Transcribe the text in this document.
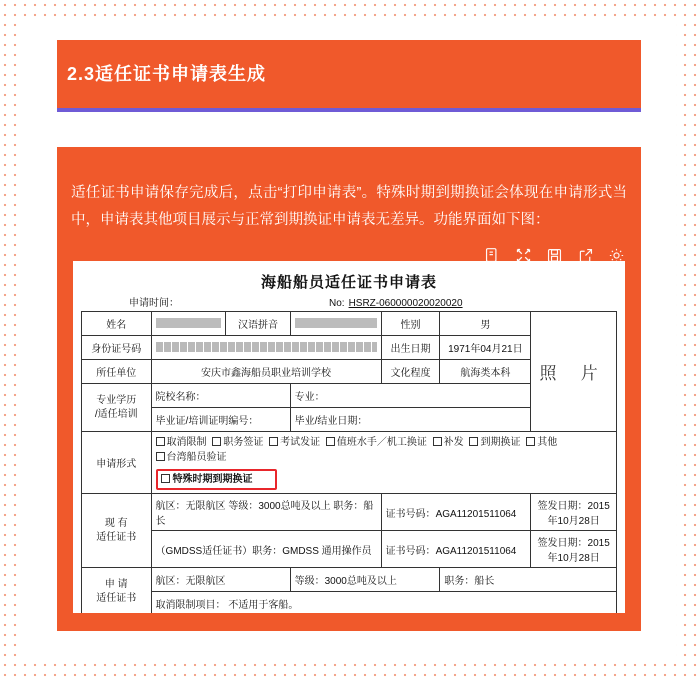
2.3适任证书申请表生成
适任证书申请保存完成后，点击“打印申请表”。特殊时期到期换证会体现在申请形式当中，申请表其他项目展示与正常到期换证申请表无差异。功能界面如下图：
海船船员适任证书申请表
申请时间：	No: HSRZ-060000020020020
姓名		汉语拼音		性别	男	照 片
身份证号码				出生日期	1971年04月21日	
所任单位	安庆市鑫海船员职业培训学校			文化程度	航海类本科	

专业学历
/适任培训	院校名称：		专业：			
	毕业证/培训证明编号：		毕业/结业日期：			
申请形式	取消限制 职务签证 考试发证 值班水手／机工换证 补发 到期换证 其他 台湾船员验证
特殊时期到期换证					

现 有
适任证书	航区：无限航区 等级：3000总吨及以上 职务：船长			证书号码：AGA11201511064		签发日期：2015年10月28日
	（GMDSS适任证书）职务：GMDSS 通用操作员			证书号码：AGA11201511064		签发日期：2015年10月28日

申 请
适任证书	航区：无限航区		等级：3000总吨及以上		职务：船长	
	取消限制项目： 不适用于客船。					
